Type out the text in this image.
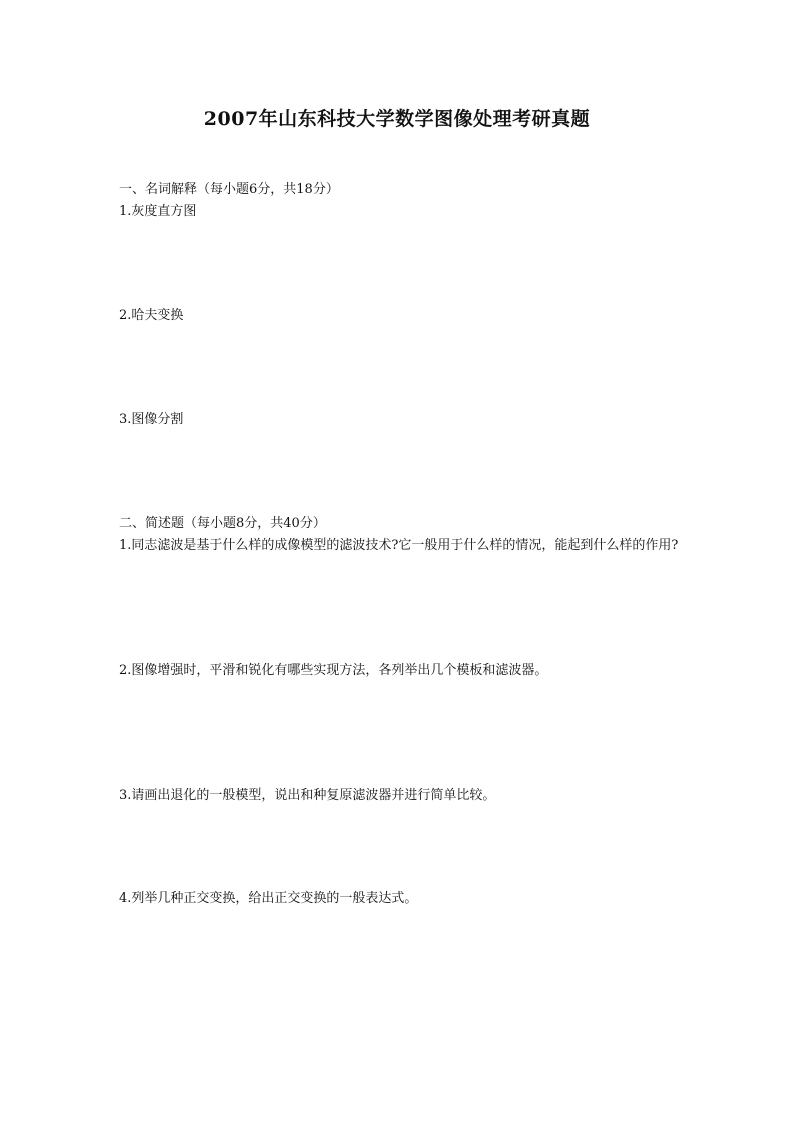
2007年山东科技大学数学图像处理考研真题
一、名词解释（每小题6分，共18分）
1.灰度直方图
2.哈夫变换
3.图像分割
二、简述题（每小题8分，共40分）
1.同志滤波是基于什么样的成像模型的滤波技术?它一般用于什么样的情况，能起到什么样的作用?
2.图像增强时，平滑和锐化有哪些实现方法，各列举出几个模板和滤波器。
3.请画出退化的一般模型，说出和种复原滤波器并进行简单比较。
4.列举几种正交变换，给出正交变换的一般表达式。
